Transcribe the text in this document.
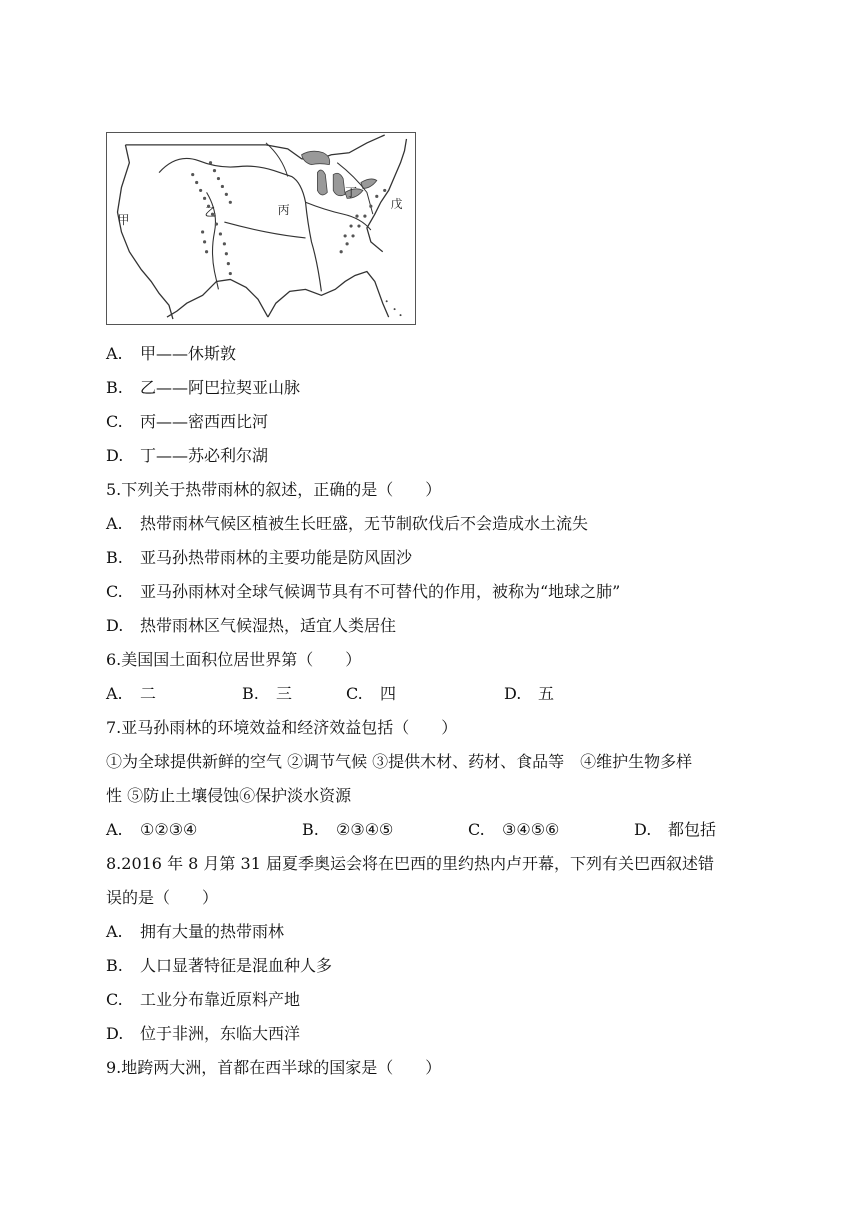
甲
乙	丙
丁
戊
A. 甲——休斯敦
B. 乙——阿巴拉契亚山脉
C. 丙——密西西比河
D. 丁——苏必利尔湖
5.下列关于热带雨林的叙述，正确的是（　　）
A. 热带雨林气候区植被生长旺盛，无节制砍伐后不会造成水土流失
B. 亚马孙热带雨林的主要功能是防风固沙
C. 亚马孙雨林对全球气候调节具有不可替代的作用，被称为“地球之肺”
D. 热带雨林区气候湿热，适宜人类居住
6.美国国土面积位居世界第（　　）
A. 二	B. 三	C. 四	D. 五
7.亚马孙雨林的环境效益和经济效益包括（　　）
①为全球提供新鲜的空气 ②调节气候 ③提供木材、药材、食品等　④维护生物多样
性 ⑤防止土壤侵蚀⑥保护淡水资源
A. ①②③④	B. ②③④⑤	C. ③④⑤⑥	D. 都包括
8.2016 年 8 月第 31 届夏季奥运会将在巴西的里约热内卢开幕，下列有关巴西叙述错
误的是（　　）
A. 拥有大量的热带雨林
B. 人口显著特征是混血种人多
C. 工业分布靠近原料产地
D. 位于非洲，东临大西洋
9.地跨两大洲，首都在西半球的国家是（　　）
